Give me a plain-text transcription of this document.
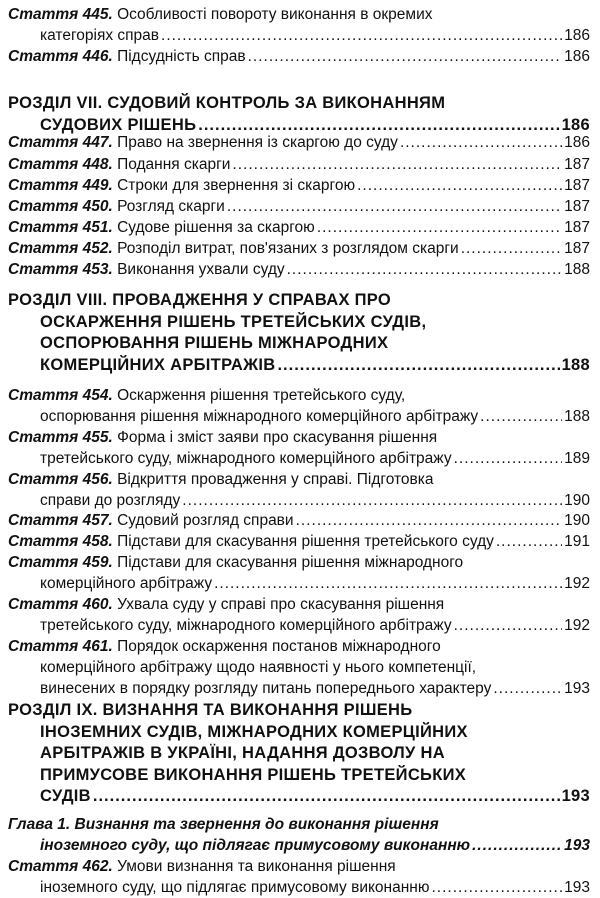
Стаття 445. Особливості повороту виконання в окремих
категоріях справ .....	186
Стаття 446. Підсудність справ .....	186
РОЗДІЛ VII. СУДОВИЙ КОНТРОЛЬ ЗА ВИКОНАННЯМ
СУДОВИХ РІШЕНЬ .....	186
Стаття 447. Право на звернення із скаргою до суду .....	186
Стаття 448. Подання скарги .....	187
Стаття 449. Строки для звернення зі скаргою .....	187
Стаття 450. Розгляд скарги .....	187
Стаття 451. Судове рішення за скаргою .....	187
Стаття 452. Розподіл витрат, пов'язаних з розглядом скарги .....	187
Стаття 453. Виконання ухвали суду .....	188
РОЗДІЛ VIII. ПРОВАДЖЕННЯ У СПРАВАХ ПРО
ОСКАРЖЕННЯ РІШЕНЬ ТРЕТЕЙСЬКИХ СУДІВ,
ОСПОРЮВАННЯ РІШЕНЬ МІЖНАРОДНИХ
КОМЕРЦІЙНИХ АРБІТРАЖІВ .....	188
Стаття 454. Оскарження рішення третейського суду,
оспорювання рішення міжнародного комерційного арбітражу .....	188
Стаття 455. Форма і зміст заяви про скасування рішення
третейського суду, міжнародного комерційного арбітражу .....	189
Стаття 456. Відкриття провадження у справі. Підготовка
справи до розгляду .....	190
Стаття 457. Судовий розгляд справи .....	190
Стаття 458. Підстави для скасування рішення третейського суду .....	191
Стаття 459. Підстави для скасування рішення міжнародного
комерційного арбітражу .....	192
Стаття 460. Ухвала суду у справі про скасування рішення
третейського суду, міжнародного комерційного арбітражу .....	192
Стаття 461. Порядок оскарження постанов міжнародного
комерційного арбітражу щодо наявності у нього компетенції,
винесених в порядку розгляду питань попереднього характеру .....	193
РОЗДІЛ IX. ВИЗНАННЯ ТА ВИКОНАННЯ РІШЕНЬ
ІНОЗЕМНИХ СУДІВ, МІЖНАРОДНИХ КОМЕРЦІЙНИХ
АРБІТРАЖІВ В УКРАЇНІ, НАДАННЯ ДОЗВОЛУ НА
ПРИМУСОВЕ ВИКОНАННЯ РІШЕНЬ ТРЕТЕЙСЬКИХ
СУДІВ .....	193
Глава 1. Визнання та звернення до виконання рішення
іноземного суду, що підлягає примусовому виконанню .....	193
Стаття 462. Умови визнання та виконання рішення
іноземного суду, що підлягає примусовому виконанню .....	193
